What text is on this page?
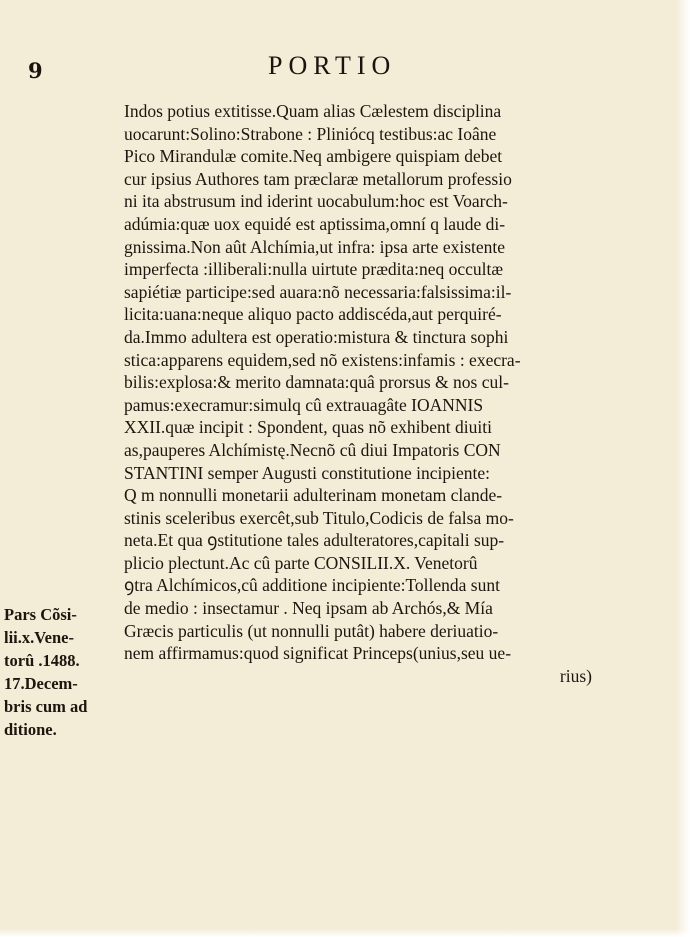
9	PORTIO
Indos potius extitisse.Quam alias Cælestem disciplina
uocarunt:Solino:Strabone : Pliniócq testibus:ac Ioâne
Pico Mirandulæ comite.Neq ambigere quispiam debet
cur ipsius Authores tam præclaræ metallorum professio
ni ita abstrusum ind iderint uocabulum:hoc est Voarch-
adúmia:quæ uox equidé est aptissima,omní q laude di-
gnissima.Non aût Alchímia,ut infra: ipsa arte existente
imperfecta :illiberali:nulla uirtute prædita:neq occultæ
sapiétiæ participe:sed auara:nõ necessaria:falsissima:il-
licita:uana:neque aliquo pacto addiscéda,aut perquiré-
da.Immo adultera est operatio:mistura & tinctura sophi
stica:apparens equidem,sed nõ existens:infamis : execra-
bilis:explosa:& merito damnata:quâ prorsus & nos cul-
pamus:execramur:simulq cû extrauagâte IOANNIS
XXII.quæ incipit : Spondent, quas nõ exhibent diuiti
as,pauperes Alchímistę.Necnõ cû diui Impatoris CON
STANTINI semper Augusti constitutione incipiente:
Q m nonnulli monetarii adulterinam monetam clande-
stinis sceleribus exercêt,sub Titulo,Codicis de falsa mo-
neta.Et qua ꝯstitutione tales adulteratores,capitali sup-
plicio plectunt.Ac cû parte CONSILII.X. Venetorû
ꝯtra Alchímicos,cû additione incipiente:Tollenda sunt
de medio : insectamur . Neq ipsam ab Archós,& Mía
Græcis particulis (ut nonnulli putât) habere deriuatio-
nem affirmamus:quod significat Princeps(unius,seu ue-
rius)
Pars Cõsi-
lii.x.Vene-
torû .1488.
17.Decem-
bris cum ad
ditione.
